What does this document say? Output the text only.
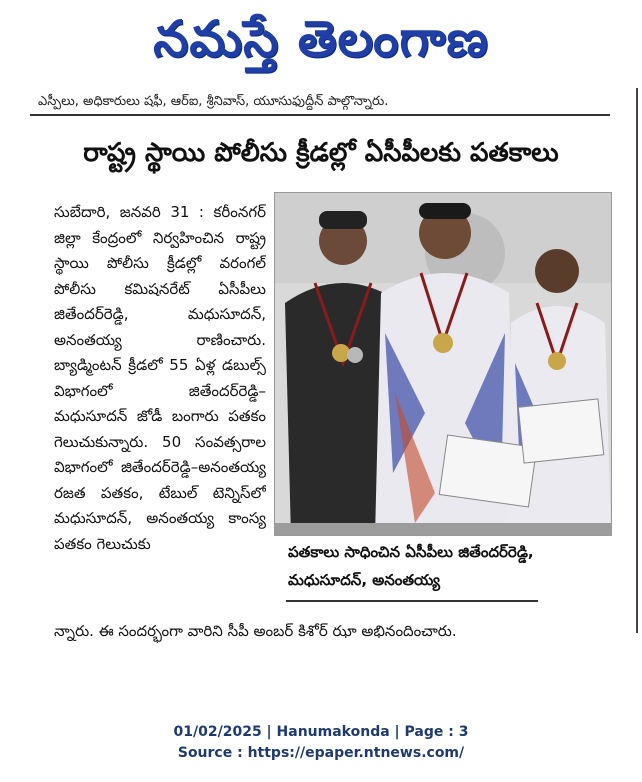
నమస్తే తెలంగాణ
ఎస్పీలు, అధికారులు షఫీ, ఆర్ఐ, శ్రీనివాస్, యూసుఫుద్దీన్ పాల్గొన్నారు.
రాష్ట్ర స్థాయి పోలీసు క్రీడల్లో ఏసీపీలకు పతకాలు

సుబేదారి, జనవరి 31 : కరీంనగర్ జిల్లా కేంద్రంలో నిర్వహించిన రాష్ట్ర స్థాయి పోలీసు క్రీడల్లో వరంగల్ పోలీసు కమిషనరేట్ ఏసీపీలు జితేందర్‌రెడ్డి, మధుసూదన్, అనంతయ్య రాణించారు. బ్యాడ్మింటన్ క్రీడలో 55 ఏళ్ల డబుల్స్ విభాగంలో జితేందర్‌రెడ్డి–మధుసూదన్ జోడీ బంగారు పతకం గెలుచుకున్నారు. 50 సంవత్సరాల విభాగంలో జితేందర్‌రెడ్డి–అనంతయ్య రజత పతకం, టేబుల్ టెన్నిస్‌లో మధుసూదన్, అనంతయ్య కాంస్య పతకం గెలుచుకు	పతకాలు సాధించిన ఏసీపీలు జితేందర్‌రెడ్డి, మధుసూదన్, అనంతయ్య
న్నారు. ఈ సందర్భంగా వారిని సీపీ అంబర్ కిశోర్ ఝా అభినందించారు.
01/02/2025 | Hanumakonda | Page : 3
Source : https://epaper.ntnews.com/
